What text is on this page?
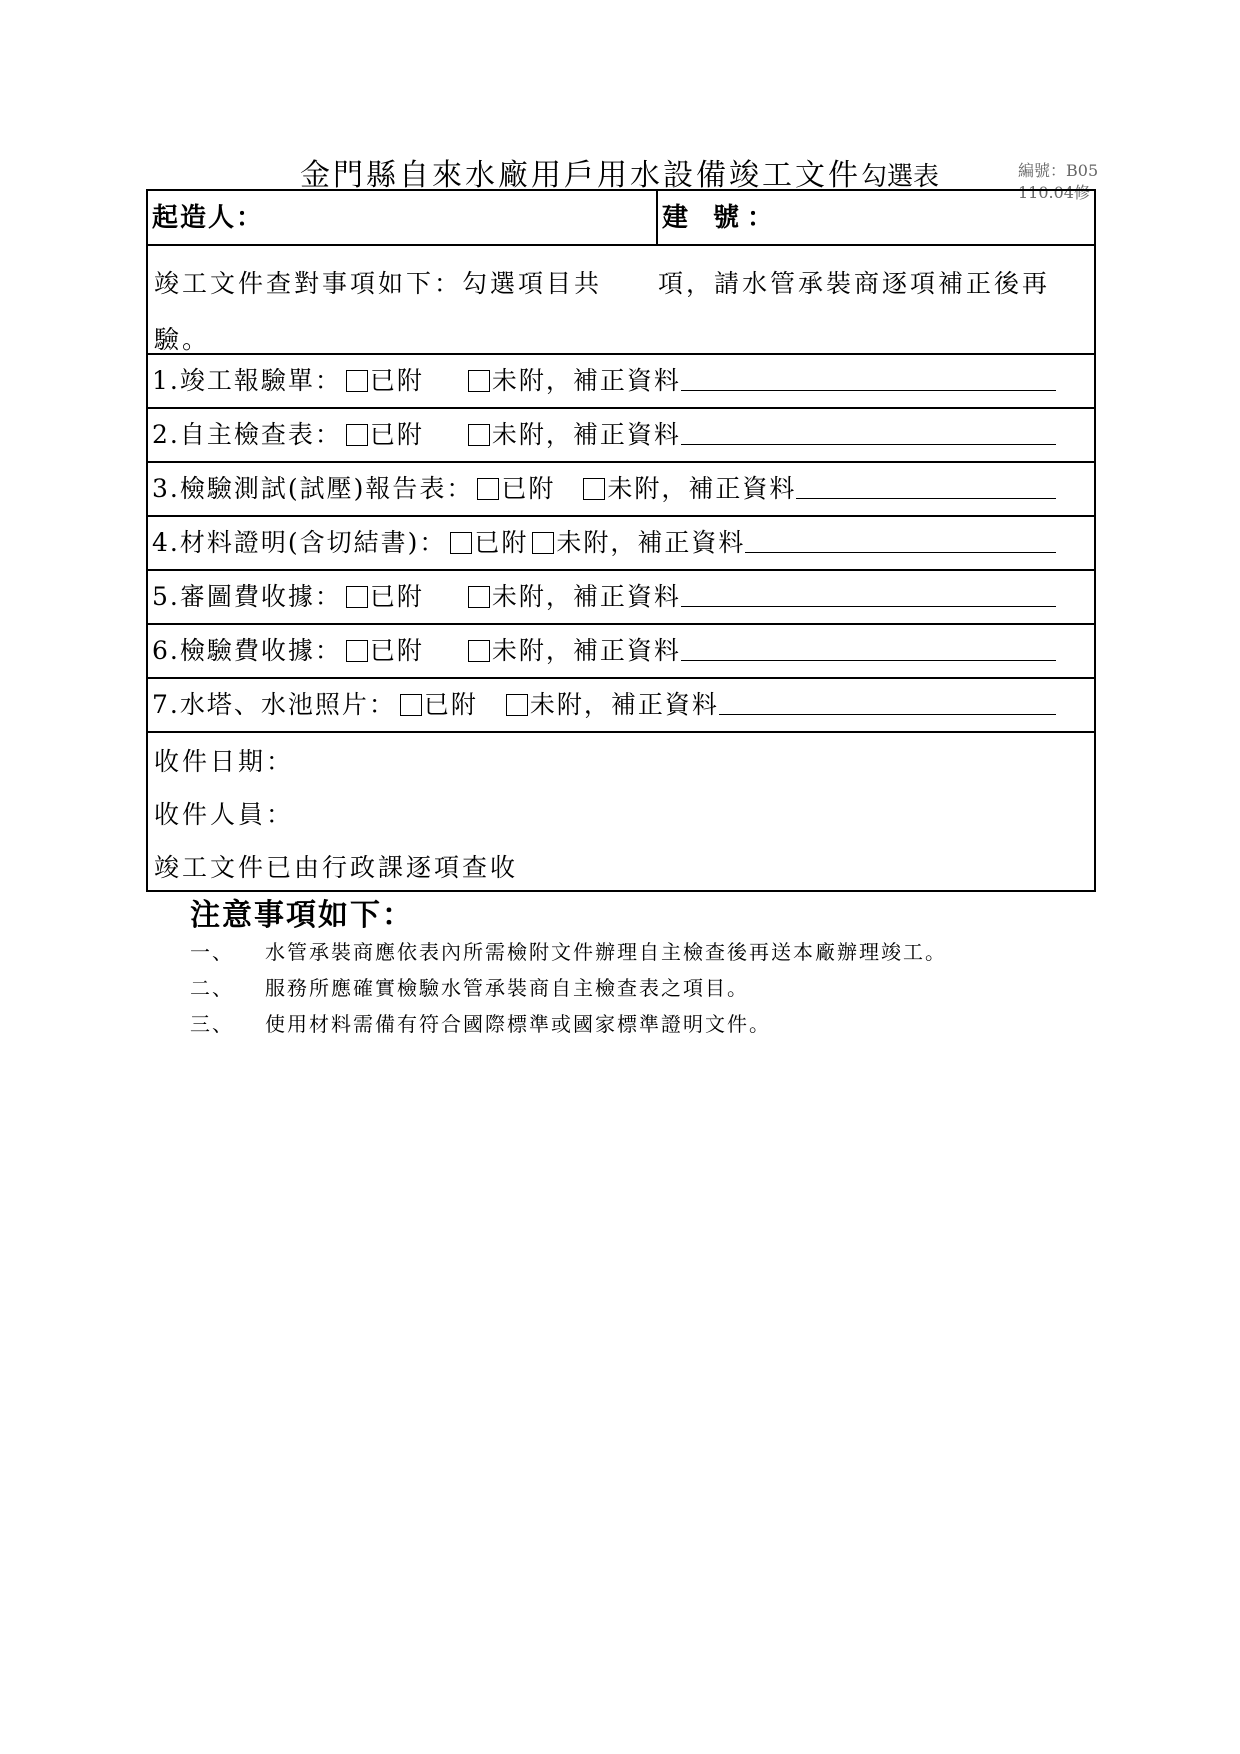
金門縣自來水廠用戶用水設備竣工文件勾選表	編號：B05
110.04修
起造人：	建 號：
竣工文件查對事項如下：勾選項目共　　項，請水管承裝商逐項補正後再驗。
1.竣工報驗單： 已附	未附 ，補正資料
2.自主檢查表： 已附	未附 ，補正資料
3.檢驗測試(試壓)報告表： 已附 未附 ，補正資料
4.材料證明(含切結書)： 已附 未附 ，補正資料
5.審圖費收據： 已附	未附 ，補正資料
6.檢驗費收據： 已附	未附 ，補正資料
7.水塔、水池照片： 已附 未附 ，補正資料
收件日期：
收件人員：
竣工文件已由行政課逐項查收
注意事項如下：
一、	水管承裝商應依表內所需檢附文件辦理自主檢查後再送本廠辦理竣工。
二、	服務所應確實檢驗水管承裝商自主檢查表之項目。
三、	使用材料需備有符合國際標準或國家標準證明文件。
